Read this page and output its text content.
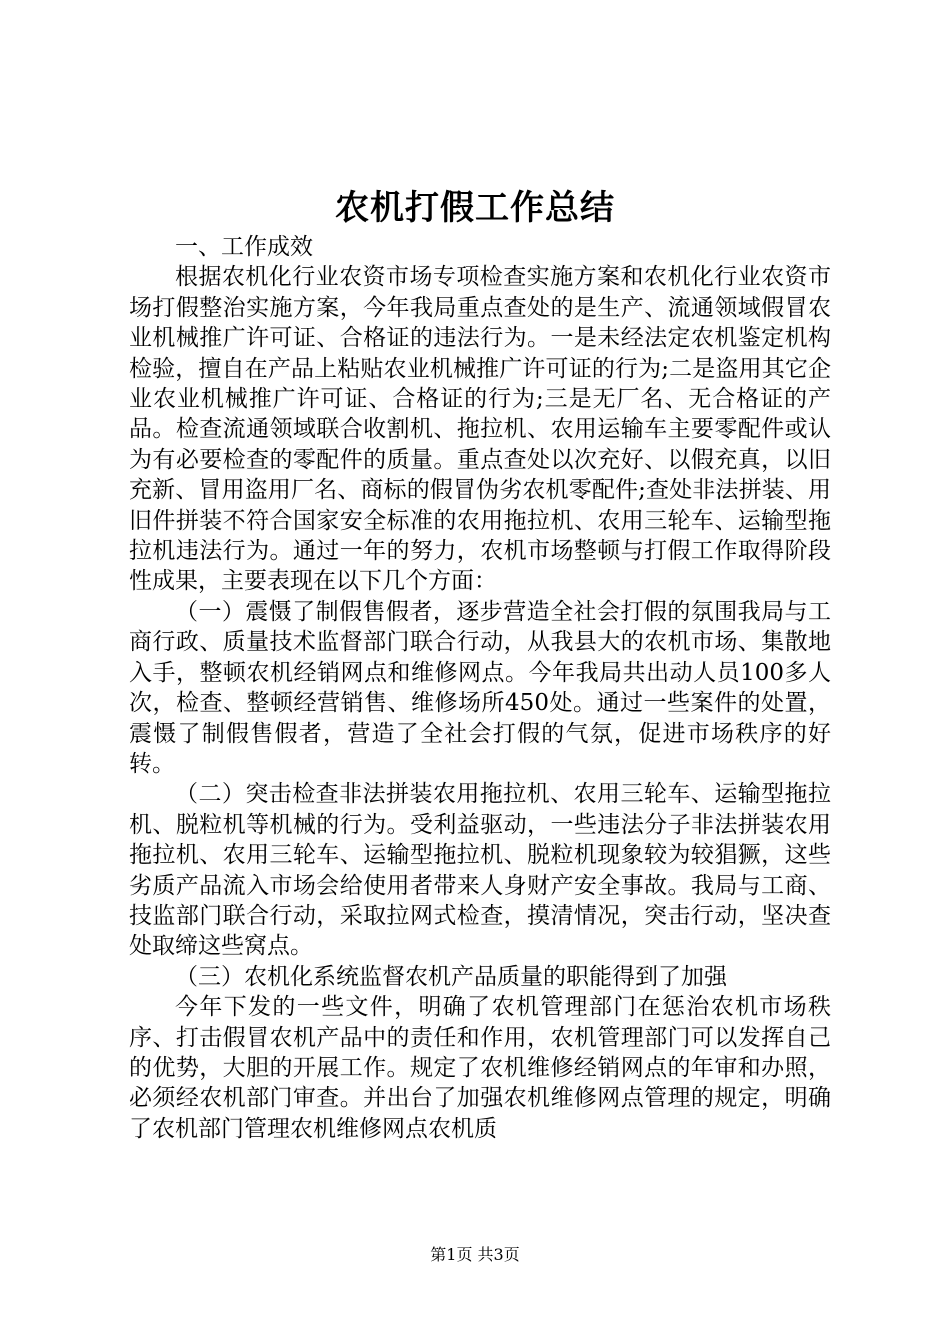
农机打假工作总结

一、工作成效

根据农机化行业农资市场专项检查实施方案和农机化行业农资市场打假整治实施方案，今年我局重点查处的是生产、流通领域假冒农业机械推广许可证、合格证的违法行为。一是未经法定农机鉴定机构检验，擅自在产品上粘贴农业机械推广许可证的行为;二是盗用其它企业农业机械推广许可证、合格证的行为;三是无厂名、无合格证的产品。检查流通领域联合收割机、拖拉机、农用运输车主要零配件或认为有必要检查的零配件的质量。重点查处以次充好、以假充真，以旧充新、冒用盗用厂名、商标的假冒伪劣农机零配件;查处非法拼装、用旧件拼装不符合国家安全标准的农用拖拉机、农用三轮车、运输型拖拉机违法行为。通过一年的努力，农机市场整顿与打假工作取得阶段性成果，主要表现在以下几个方面：

（一）震慑了制假售假者，逐步营造全社会打假的氛围我局与工商行政、质量技术监督部门联合行动，从我县大的农机市场、集散地入手，整顿农机经销网点和维修网点。今年我局共出动人员100多人次，检查、整顿经营销售、维修场所450处。通过一些案件的处置，震慑了制假售假者，营造了全社会打假的气氛，促进市场秩序的好转。

（二）突击检查非法拼装农用拖拉机、农用三轮车、运输型拖拉机、脱粒机等机械的行为。受利益驱动，一些违法分子非法拼装农用拖拉机、农用三轮车、运输型拖拉机、脱粒机现象较为较猖獗，这些劣质产品流入市场会给使用者带来人身财产安全事故。我局与工商、技监部门联合行动，采取拉网式检查，摸清情况，突击行动，坚决查处取缔这些窝点。

（三）农机化系统监督农机产品质量的职能得到了加强

今年下发的一些文件，明确了农机管理部门在惩治农机市场秩序、打击假冒农机产品中的责任和作用，农机管理部门可以发挥自己的优势，大胆的开展工作。规定了农机维修经销网点的年审和办照，必须经农机部门审查。并出台了加强农机维修网点管理的规定，明确了农机部门管理农机维修网点农机质

第1页 共3页
